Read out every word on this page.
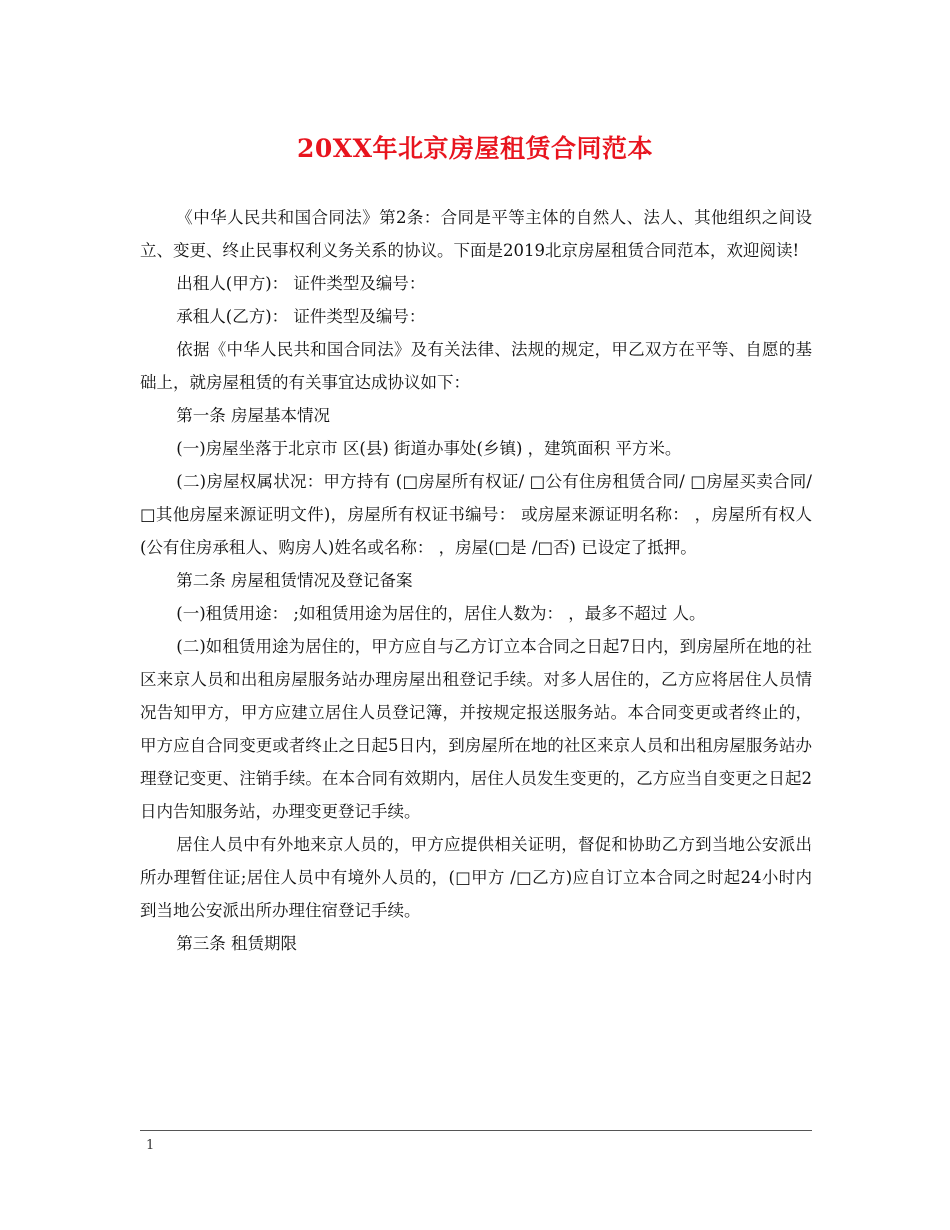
20XX年北京房屋租赁合同范本

《中华人民共和国合同法》第2条：合同是平等主体的自然人、法人、其他组织之间设立、变更、终止民事权利义务关系的协议。下面是2019北京房屋租赁合同范本，欢迎阅读!

出租人(甲方)： 证件类型及编号：

承租人(乙方)： 证件类型及编号：

依据《中华人民共和国合同法》及有关法律、法规的规定，甲乙双方在平等、自愿的基础上，就房屋租赁的有关事宜达成协议如下：

第一条 房屋基本情况

(一)房屋坐落于北京市 区(县) 街道办事处(乡镇) ，建筑面积 平方米。

(二)房屋权属状况：甲方持有 (□房屋所有权证/ □公有住房租赁合同/ □房屋买卖合同/ □其他房屋来源证明文件)，房屋所有权证书编号： 或房屋来源证明名称： ，房屋所有权人(公有住房承租人、购房人)姓名或名称： ，房屋(□是 /□否) 已设定了抵押。

第二条 房屋租赁情况及登记备案

(一)租赁用途： ;如租赁用途为居住的，居住人数为： ，最多不超过 人。

(二)如租赁用途为居住的，甲方应自与乙方订立本合同之日起7日内，到房屋所在地的社区来京人员和出租房屋服务站办理房屋出租登记手续。对多人居住的，乙方应将居住人员情况告知甲方，甲方应建立居住人员登记簿，并按规定报送服务站。本合同变更或者终止的，甲方应自合同变更或者终止之日起5日内，到房屋所在地的社区来京人员和出租房屋服务站办理登记变更、注销手续。在本合同有效期内，居住人员发生变更的，乙方应当自变更之日起2日内告知服务站，办理变更登记手续。

居住人员中有外地来京人员的，甲方应提供相关证明，督促和协助乙方到当地公安派出所办理暂住证;居住人员中有境外人员的，(□甲方 /□乙方)应自订立本合同之时起24小时内到当地公安派出所办理住宿登记手续。

第三条 租赁期限

1
